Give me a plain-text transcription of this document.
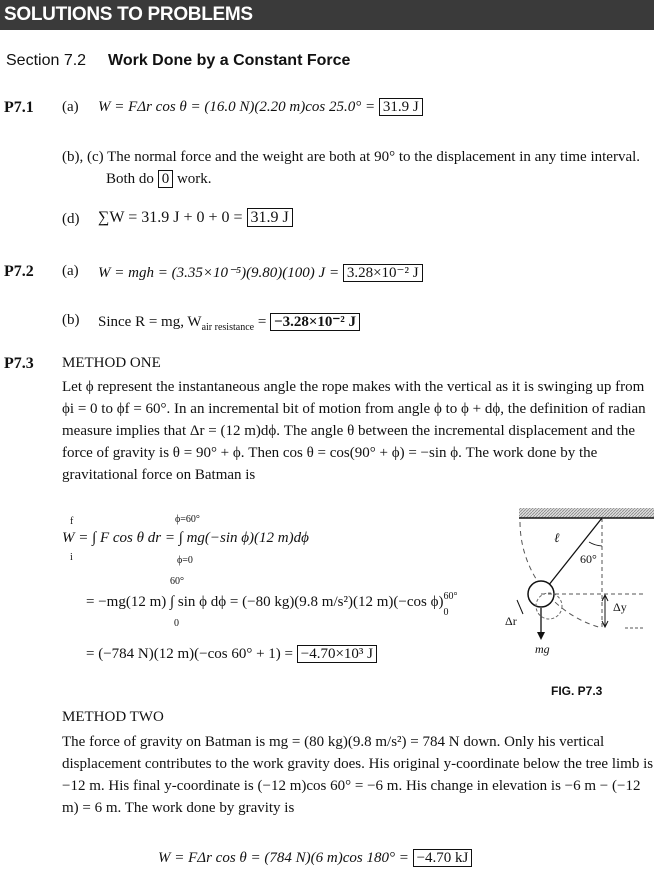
SOLUTIONS TO PROBLEMS
Section 7.2 Work Done by a Constant Force
P7.1 (a) W = FΔr cos θ = (16.0 N)(2.20 m)cos 25.0° = 31.9 J
(b), (c) The normal force and the weight are both at 90° to the displacement in any time interval.
Both do 0 work.
(d) ∑W = 31.9 J + 0 + 0 = 31.9 J
P7.2 (a) W = mgh = (3.35×10⁻⁵)(9.80)(100) J = 3.28×10⁻² J
(b) Since R = mg, $W_{air resistance} = -3.28\times 10^{-2}$ J
P7.3 METHOD ONE
Let ϕ represent the instantaneous angle the rope makes with the vertical as it is swinging up from ϕi = 0 to ϕf = 60°. In an incremental bit of motion from angle ϕ to ϕ + dϕ, the definition of radian measure implies that Δr = (12 m)dϕ. The angle θ between the incremental displacement and the force of gravity is θ = 90° + ϕ. Then cos θ = cos(90° + ϕ) = −sin ϕ. The work done by the gravitational force on Batman is
f
i
ϕ=60°
ϕ=0
W = ∫ F cos θ dr = ∫ mg(−sin ϕ)(12 m)dϕ
60°
0
= −mg(12 m) ∫ sin ϕ dϕ = (−80 kg)(9.8 m/s²)(12 m)(−cos ϕ) 60°
0
= (−784 N)(12 m)(−cos 60° + 1) = −4.70×10³ J
ℓ
60°
Δy
Δr
mg
FIG. P7.3
METHOD TWO
The force of gravity on Batman is mg = (80 kg)(9.8 m/s²) = 784 N down. Only his vertical displacement contributes to the work gravity does. His original y-coordinate below the tree limb is −12 m. His final y-coordinate is (−12 m)cos 60° = −6 m. His change in elevation is −6 m − (−12 m) = 6 m. The work done by gravity is
W = FΔr cos θ = (784 N)(6 m)cos 180° = −4.70 kJ
